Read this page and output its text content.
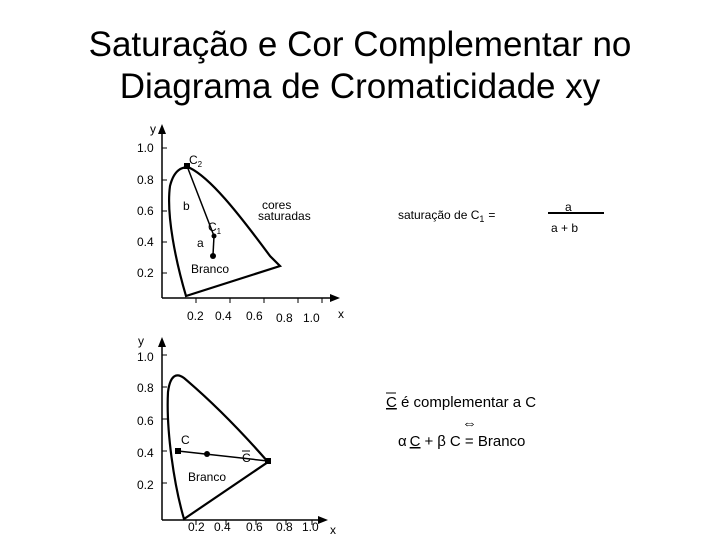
Saturação e Cor Complementar no
Diagrama de Cromaticidade xy
y
1.0
0.8
0.6
0.4
0.2
x
0.2 0.4 0.6 0.8 1.0
$C_2$
$C_1$
b
a
Branco
cores
saturadas	saturação de $C_1$ =
a
a + b
y
1.0
0.8
0.6
0.4
0.2
x
0.2 0.4 0.6 0.8 1.0
C
C
Branco
C é complementar a C
⇔
α C + β C = Branco
